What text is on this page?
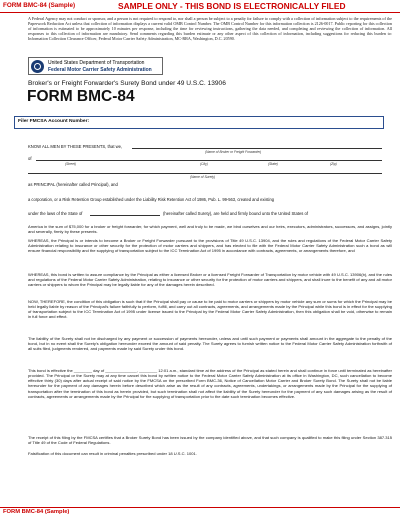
FORM BMC-84 (Sample)	SAMPLE ONLY - THIS BOND IS ELECTRONICALLY FILED
A Federal Agency may not conduct or sponsor, and a person is not required to respond to, nor shall a person be subject to a penalty for failure to comply with a collection of information subject to the requirements of the Paperwork Reduction Act unless that collection of information displays a current valid OMB Control Number. The OMB Control Number for this information collection is 2126-0017. Public reporting for this collection of information is estimated to be approximately 10 minutes per response, including the time for reviewing instructions, gathering the data needed, and completing and reviewing the collection of information. All responses to this collection of information are mandatory. Send comments regarding this burden estimate or any other aspect of this collection of information, including suggestions for reducing this burden to: Information Collection Clearance Officer, Federal Motor Carrier Safety Administration, MC-RRA, Washington, D.C. 20590.
United States Department of Transportation
Federal Motor Carrier Safety Administration
Broker's or Freight Forwarder's Surety Bond under 49 U.S.C. 13906
FORM BMC-84
Filer FMCSA Account Number:
KNOW ALL MEN BY THESE PRESENTS, that we,
(Name of Broker or Freight Forwarder)
of
(Street)	(City)	(State)	(Zip)
(Name of Surety)
as PRINCIPAL (hereinafter called Principal), and
a corporation, or a Risk Retention Group established under the Liability Risk Retention Act of 1986, Pub. L. 99-563, created and existing
under the laws of the State of	(hereinafter called Surety), are held and firmly bound unto the United States of
America in the sum of $75,000 for a broker or freight forwarder, for which payment, well and truly to be made, we bind ourselves and our heirs, executors, administrators, successors, and assigns, jointly and severally, firmly by these presents.
WHEREAS, the Principal is or intends to become a Broker or Freight Forwarder pursuant to the provisions of Title 49 U.S.C. 13904, and the rules and regulations of the Federal Motor Carrier Safety Administration relating to insurance or other security for the protection of motor carriers and shippers, and has elected to file with the Federal Motor Carrier Safety Administration such a bond as will ensure financial responsibility and the supplying of transportation subject to the ICC Termination Act of 1995 in accordance with contracts, agreements, or arrangements therefore, and
WHEREAS, this bond is written to assure compliance by the Principal as either a licensed Broker or a licensed Freight Forwarder of Transportation by motor vehicle with 49 U.S.C. 13906(b), and the rules and regulations of the Federal Motor Carrier Safety Administration, relating to insurance or other security for the protection of motor carriers and shippers, and shall inure to the benefit of any and all motor carriers or shippers to whom the Principal may be legally liable for any of the damages herein described.
NOW, THEREFORE, the condition of this obligation is such that if the Principal shall pay or cause to be paid to motor carriers or shippers by motor vehicle any sum or sums for which the Principal may be held legally liable by reason of the Principal's failure faithfully to perform, fulfill, and carry out all contracts, agreements, and arrangements made by the Principal while this bond is in effect for the supplying of transportation subject to the ICC Termination Act of 1995 under license issued to the Principal by the Federal Motor Carrier Safety Administration, then this obligation shall be void, otherwise to remain in full force and effect.
The liability of the Surety shall not be discharged by any payment or succession of payments hereunder, unless and until such payment or payments shall amount in the aggregate to the penalty of the bond, but in no event shall the Surety's obligation hereunder exceed the amount of said penalty. The Surety agrees to furnish written notice to the Federal Motor Carrier Safety Administration forthwith of all suits filed, judgments rendered, and payments made by said Surety under this bond.
This bond is effective the ________ day of ______________, ________ 12:01 a.m., standard time at the address of the Principal as stated herein and shall continue in force until terminated as hereinafter provided. The Principal or the Surety may at any time cancel this bond by written notice to the Federal Motor Carrier Safety Administration at its office in Washington, DC, such cancellation to become effective thirty (30) days after actual receipt of said notice by the FMCSA on the prescribed Form BMC-36, Notice of Cancellation Motor Carrier and Broker Surety Bond. The Surety shall not be liable hereunder for the payment of any damages herein before described which arise as the result of any contracts, agreements, undertakings, or arrangements made by the Principal for the supplying of transportation after the termination of this bond as herein provided, but such termination shall not affect the liability of the Surety hereunder for the payment of any such damages arising as the result of contracts, agreements or arrangements made by the Principal for the supplying of transportation prior to the date such termination becomes effective.
The receipt of this filing by the FMCSA certifies that a Broker Surety Bond has been issued by the company identified above, and that such company is qualified to make this filing under Section 387.315 of Title 49 of the Code of Federal Regulations.
Falsification of this document can result in criminal penalties prescribed under 18 U.S.C. 1001.
FORM BMC-84 (Sample)
